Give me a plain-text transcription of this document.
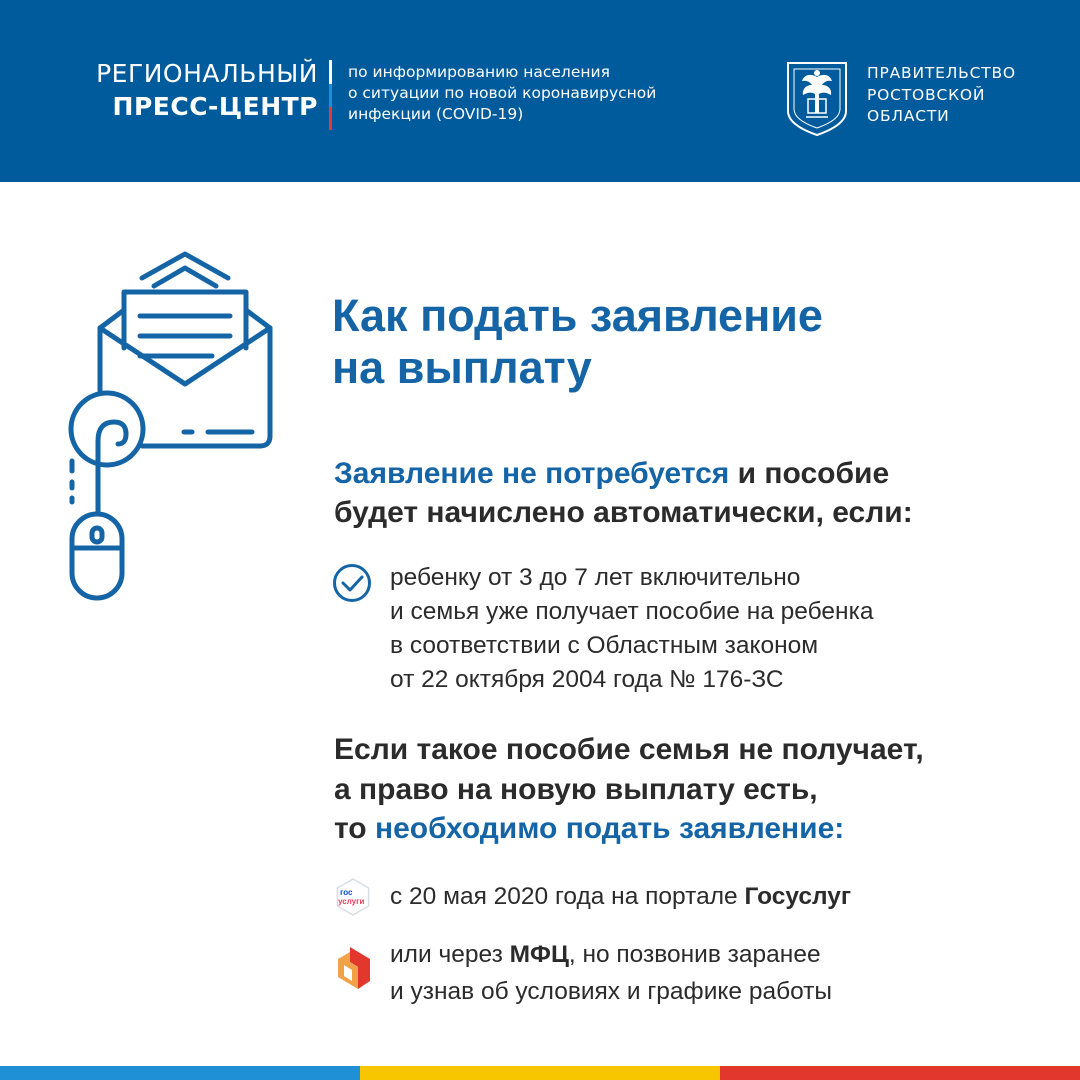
РЕГИОНАЛЬНЫЙ
ПРЕСС-ЦЕНТР
по информированию населения
о ситуации по новой коронавирусной
инфекции (COVID-19)
ПРАВИТЕЛЬСТВО
РОСТОВСКОЙ
ОБЛАСТИ
Как подать заявление
на выплату
Заявление не потребуется и пособие
будет начислено автоматически, если:
ребенку от 3 до 7 лет включительно
и семья уже получает пособие на ребенка
в соответствии с Областным законом
от 22 октября 2004 года № 176-ЗС
Если такое пособие семья не получает,
а право на новую выплату есть,
то необходимо подать заявление:
гос
услуги с 20 мая 2020 года на портале Госуслуг
или через МФЦ, но позвонив заранее
и узнав об условиях и графике работы
